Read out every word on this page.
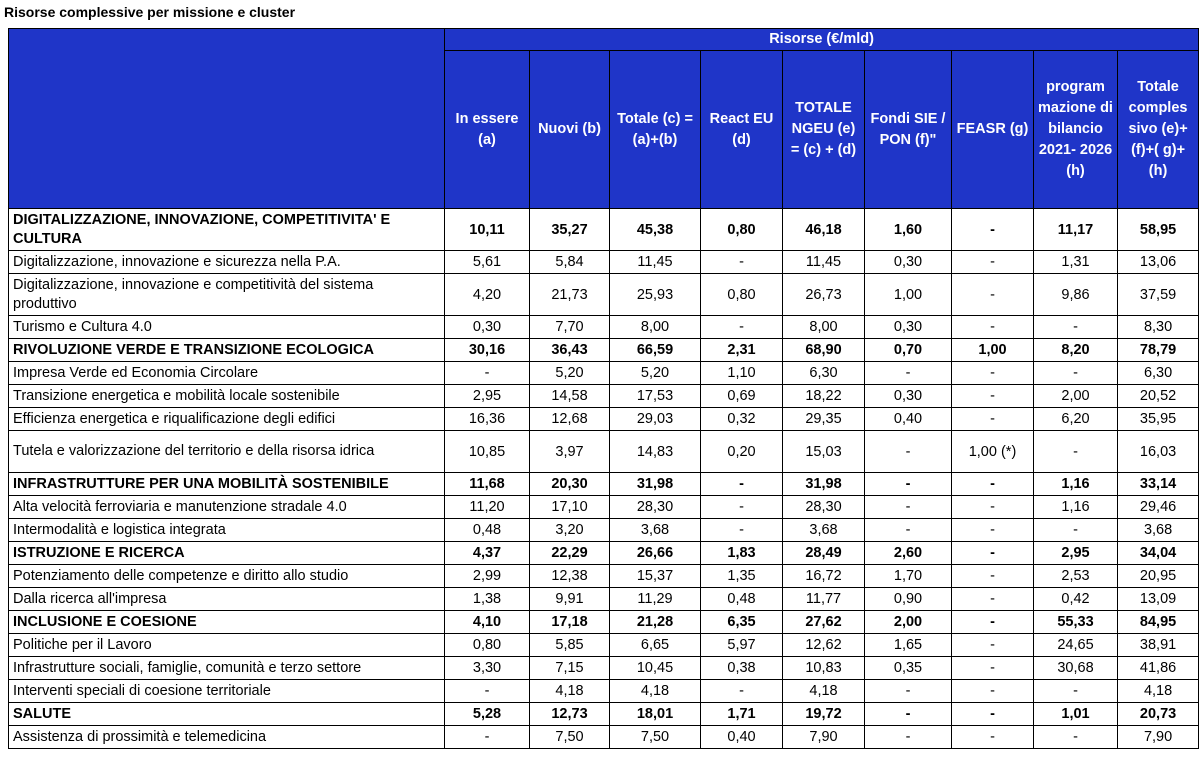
Risorse complessive per missione e cluster
	Risorse (€/mld)								
	In essere (a)	Nuovi (b)	Totale (c) = (a)+(b)	React EU (d)	TOTALE NGEU (e) = (c) + (d)	Fondi SIE / PON (f)"	FEASR (g)	program mazione di bilancio 2021- 2026 (h)	Totale comples sivo (e)+(f)+( g)+(h)
DIGITALIZZAZIONE, INNOVAZIONE, COMPETITIVITA' E CULTURA	10,11	35,27	45,38	0,80	46,18	1,60	-	11,17	58,95
Digitalizzazione, innovazione e sicurezza nella P.A.	5,61	5,84	11,45	-	11,45	0,30	-	1,31	13,06
Digitalizzazione, innovazione e competitività del sistema produttivo	4,20	21,73	25,93	0,80	26,73	1,00	-	9,86	37,59
Turismo e Cultura 4.0	0,30	7,70	8,00	-	8,00	0,30	-	-	8,30
RIVOLUZIONE VERDE E TRANSIZIONE ECOLOGICA	30,16	36,43	66,59	2,31	68,90	0,70	1,00	8,20	78,79
Impresa Verde ed Economia Circolare	-	5,20	5,20	1,10	6,30	-	-	-	6,30
Transizione energetica e mobilità locale sostenibile	2,95	14,58	17,53	0,69	18,22	0,30	-	2,00	20,52
Efficienza energetica e riqualificazione degli edifici	16,36	12,68	29,03	0,32	29,35	0,40	-	6,20	35,95
Tutela e valorizzazione del territorio e della risorsa idrica	10,85	3,97	14,83	0,20	15,03	-	1,00 (*)	-	16,03
INFRASTRUTTURE PER UNA MOBILITÀ SOSTENIBILE	11,68	20,30	31,98	-	31,98	-	-	1,16	33,14
Alta velocità ferroviaria e manutenzione stradale 4.0	11,20	17,10	28,30	-	28,30	-	-	1,16	29,46
Intermodalità e logistica integrata	0,48	3,20	3,68	-	3,68	-	-	-	3,68
ISTRUZIONE E RICERCA	4,37	22,29	26,66	1,83	28,49	2,60	-	2,95	34,04
Potenziamento delle competenze e diritto allo studio	2,99	12,38	15,37	1,35	16,72	1,70	-	2,53	20,95
Dalla ricerca all'impresa	1,38	9,91	11,29	0,48	11,77	0,90	-	0,42	13,09
INCLUSIONE E COESIONE	4,10	17,18	21,28	6,35	27,62	2,00	-	55,33	84,95
Politiche per il Lavoro	0,80	5,85	6,65	5,97	12,62	1,65	-	24,65	38,91
Infrastrutture sociali, famiglie, comunità e terzo settore	3,30	7,15	10,45	0,38	10,83	0,35	-	30,68	41,86
Interventi speciali di coesione territoriale	-	4,18	4,18	-	4,18	-	-	-	4,18
SALUTE	5,28	12,73	18,01	1,71	19,72	-	-	1,01	20,73
Assistenza di prossimità e telemedicina	-	7,50	7,50	0,40	7,90	-	-	-	7,90
